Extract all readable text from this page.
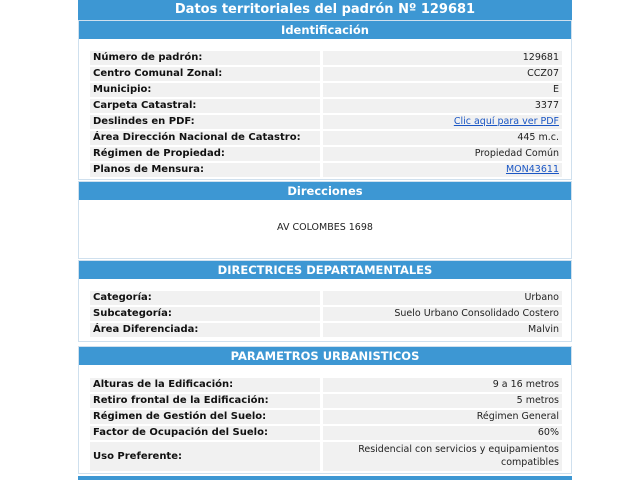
Datos territoriales del padrón Nº 129681
Identificación
Número de padrón:	129681
Centro Comunal Zonal:	CCZ07
Municipio:	E
Carpeta Catastral:	3377
Deslindes en PDF:	Clic aquí para ver PDF
Área Dirección Nacional de Catastro:	445 m.c.
Régimen de Propiedad:	Propiedad Común
Planos de Mensura:	MON43611
Direcciones
AV COLOMBES 1698
DIRECTRICES DEPARTAMENTALES
Categoría:	Urbano
Subcategoría:	Suelo Urbano Consolidado Costero
Área Diferenciada:	Malvin
PARAMETROS URBANISTICOS
Alturas de la Edificación:	9 a 16 metros
Retiro frontal de la Edificación:	5 metros
Régimen de Gestión del Suelo:	Régimen General
Factor de Ocupación del Suelo:	60%
Uso Preferente:
Residencial con servicios y equipamientos compatibles
